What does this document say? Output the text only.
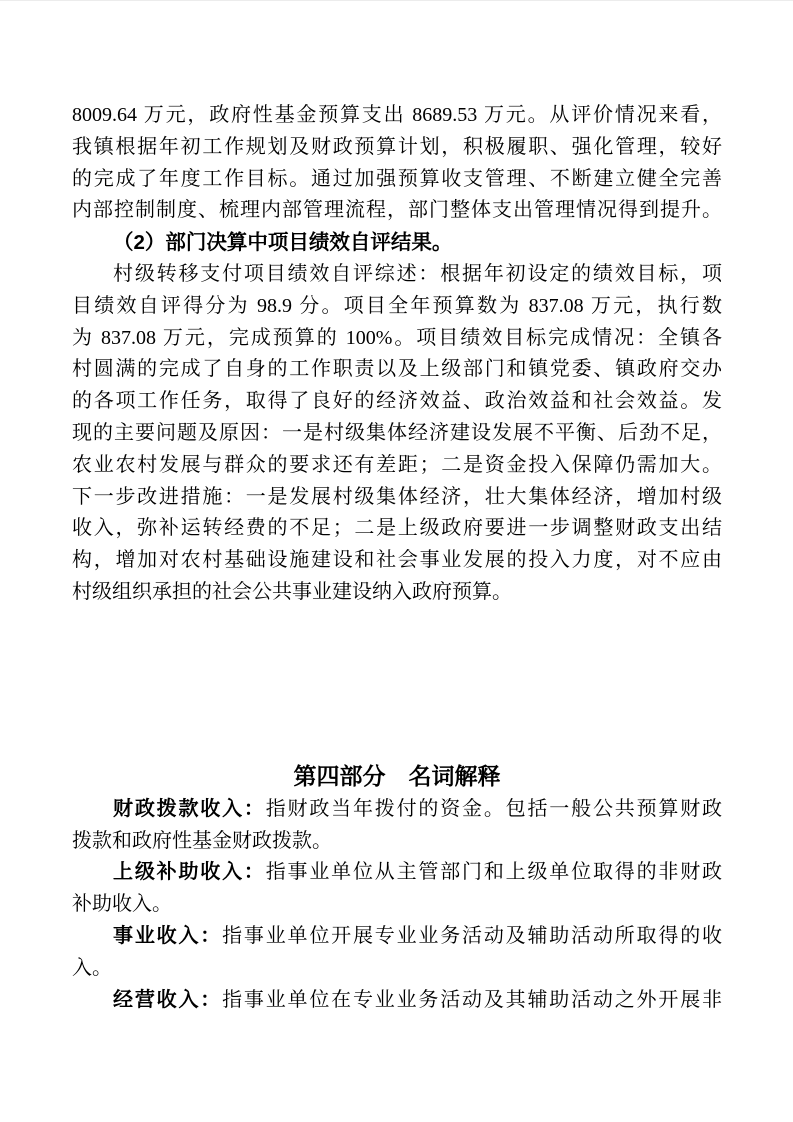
8009.64 万元，政府性基金预算支出 8689.53 万元。从评价情况来看，
我镇根据年初工作规划及财政预算计划，积极履职、强化管理，较好
的完成了年度工作目标。通过加强预算收支管理、不断建立健全完善
内部控制制度、梳理内部管理流程，部门整体支出管理情况得到提升。
（2）部门决算中项目绩效自评结果。
村级转移支付项目绩效自评综述：根据年初设定的绩效目标，项
目绩效自评得分为 98.9 分。项目全年预算数为 837.08 万元，执行数
为 837.08 万元，完成预算的 100%。项目绩效目标完成情况：全镇各
村圆满的完成了自身的工作职责以及上级部门和镇党委、镇政府交办
的各项工作任务，取得了良好的经济效益、政治效益和社会效益。发
现的主要问题及原因：一是村级集体经济建设发展不平衡、后劲不足，
农业农村发展与群众的要求还有差距；二是资金投入保障仍需加大。
下一步改进措施：一是发展村级集体经济，壮大集体经济，增加村级
收入，弥补运转经费的不足；二是上级政府要进一步调整财政支出结
构，增加对农村基础设施建设和社会事业发展的投入力度，对不应由
村级组织承担的社会公共事业建设纳入政府预算。
第四部分　名词解释
财政拨款收入：指财政当年拨付的资金。包括一般公共预算财政
拨款和政府性基金财政拨款。
上级补助收入：指事业单位从主管部门和上级单位取得的非财政
补助收入。
事业收入：指事业单位开展专业业务活动及辅助活动所取得的收
入。
经营收入：指事业单位在专业业务活动及其辅助活动之外开展非
